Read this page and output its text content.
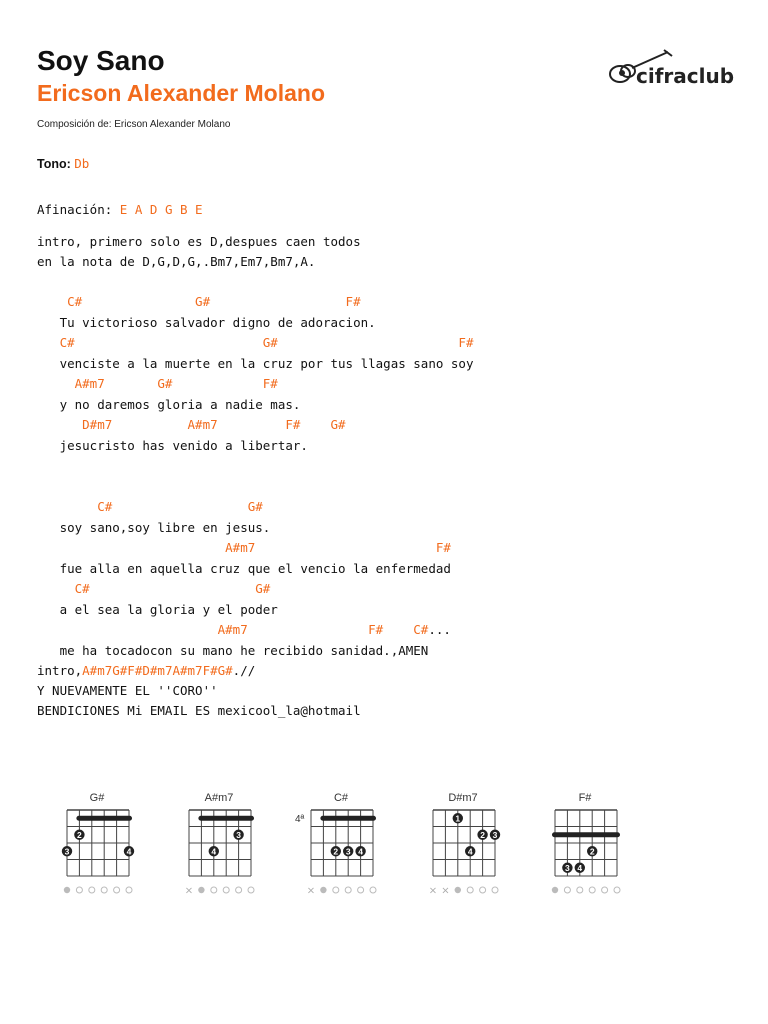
Soy Sano
Ericson Alexander Molano
Composición de: Ericson Alexander Molano
cifraclub
Tono: Db
Afinación: E A D G B E
intro, primero solo es D,despues caen todos
en la nota de D,G,D,G,.Bm7,Em7,Bm7,A.
C#               G#                  F#
Tu victorioso salvador digno de adoracion.
C#                         G#                        F#
venciste a la muerte en la cruz por tus llagas sano soy
A#m7       G#            F#
y no daremos gloria a nadie mas.
D#m7          A#m7         F#    G#
jesucristo has venido a libertar.

C#                  G#
soy sano,soy libre en jesus.
A#m7                        F#
fue alla en aquella cruz que el vencio la enfermedad
C#                      G#
a el sea la gloria y el poder
A#m7                F#    C#...
me ha tocadocon su mano he recibido sanidad.,AMEN
intro,A#m7G#F#D#m7A#m7F#G#.//
Y NUEVAMENTE EL ''CORO''
BENDICIONES Mi EMAIL ES mexicool_la@hotmail
G#
3
2
4
A#m7
4
3
×
C#
4ª
2 3 4
×
D#m7
1
4
2 3
× ×
F#
3 4
2
